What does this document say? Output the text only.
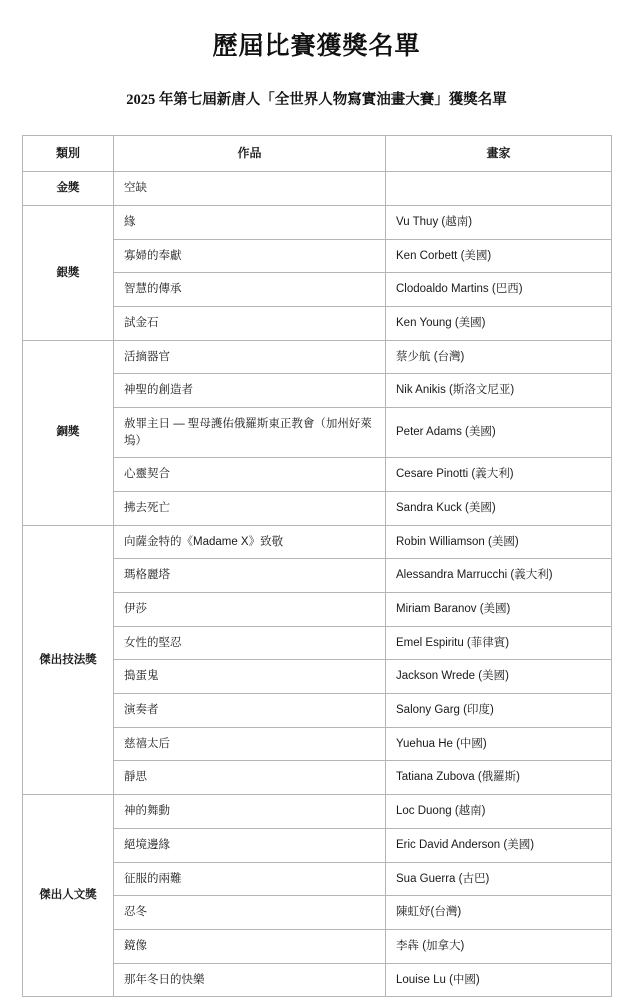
歷屆比賽獲獎名單
2025 年第七屆新唐人「全世界人物寫實油畫大賽」獲獎名單
類別	作品	畫家
金獎	空缺	
銀獎	緣	Vu Thuy (越南)
	寡婦的奉獻	Ken Corbett (美國)
	智慧的傳承	Clodoaldo Martins (巴西)
	試金石	Ken Young (美國)
銅獎	活摘器官	蔡少航 (台灣)
	神聖的創造者	Nik Anikis (斯洛文尼亚)
	赦罪主日 — 聖母護佑俄羅斯東正教會（加州好萊塢）	Peter Adams (美國)
	心靈契合	Cesare Pinotti (義大利)
	拂去死亡	Sandra Kuck (美國)
傑出技法獎	向薩金特的《Madame X》致敬	Robin Williamson (美國)
	瑪格麗塔	Alessandra Marrucchi (義大利)
	伊莎	Miriam Baranov (美國)
	女性的堅忍	Emel Espiritu (菲律賓)
	搗蛋鬼	Jackson Wrede (美國)
	演奏者	Salony Garg (印度)
	慈禧太后	Yuehua He (中國)
	靜思	Tatiana Zubova (俄羅斯)
傑出人文獎	神的舞動	Loc Duong (越南)
	絕境邊緣	Eric David Anderson (美國)
	征服的兩難	Sua Guerra (古巴)
	忍冬	陳虹妤(台灣)
	鏡像	李犇 (加拿大)
	那年冬日的快樂	Louise Lu (中國)
